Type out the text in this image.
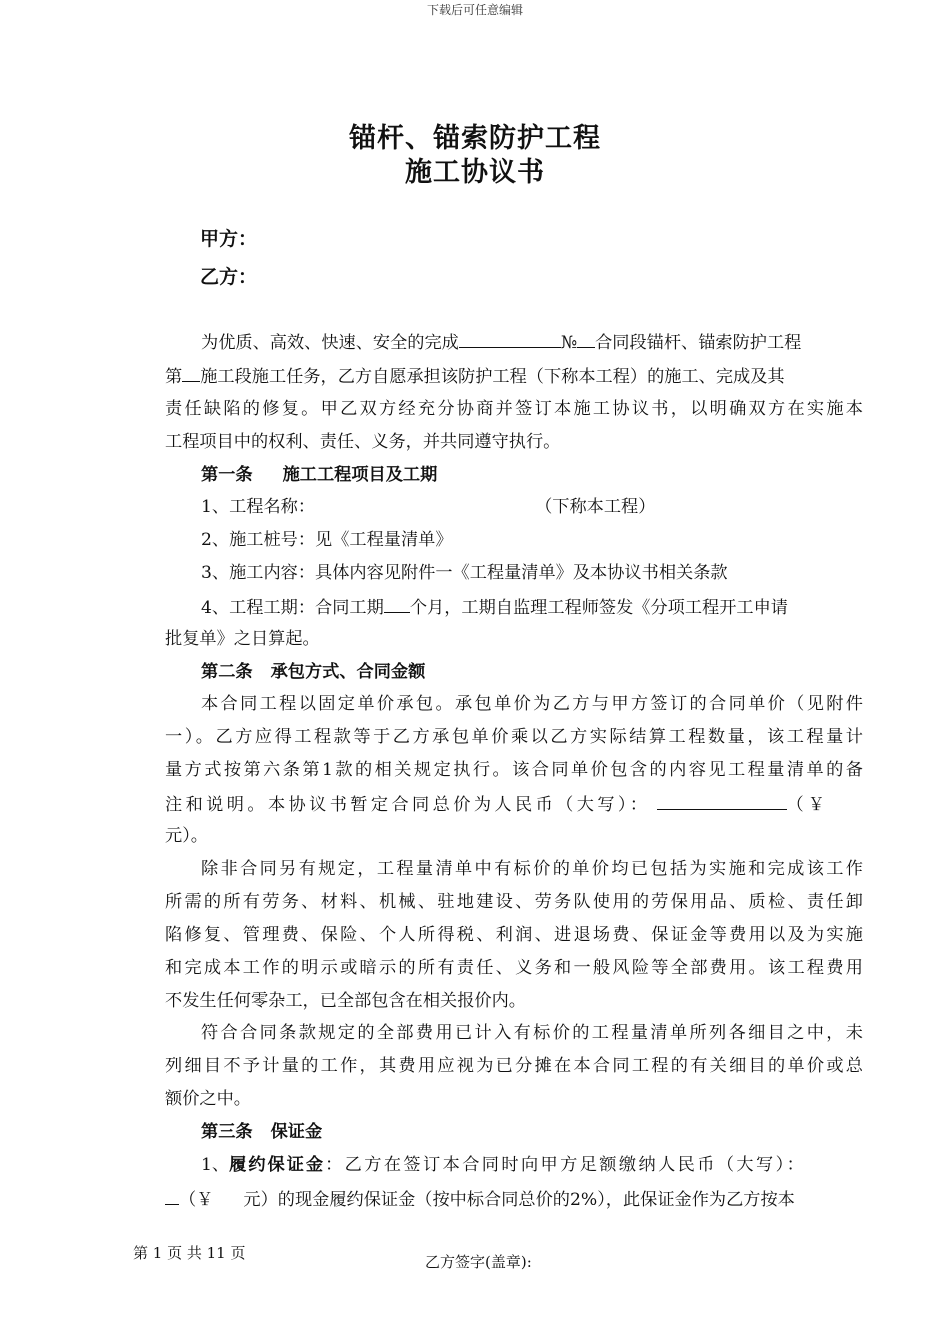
下载后可任意编辑
锚杆、锚索防护工程
施工协议书
甲方：
乙方：
为优质、高效、快速、安全的完成	№ 合同段锚杆、锚索防护工程
第 施工段施工任务，乙方自愿承担该防护工程（下称本工程）的施工、完成及其
责任缺陷的修复。甲乙双方经充分协商并签订本施工协议书，以明确双方在实施本
工程项目中的权利、责任、义务，并共同遵守执行。
第一条 施工工程项目及工期
1、工程名称：	（下称本工程）
2、施工桩号：见《工程量清单》
3、施工内容：具体内容见附件一《工程量清单》及本协议书相关条款
4、工程工期：合同工期 个月，工期自监理工程师签发《分项工程开工申请
批复单》之日算起。
第二条 承包方式、合同金额
本合同工程以固定单价承包。承包单价为乙方与甲方签订的合同单价（见附件
一）。乙方应得工程款等于乙方承包单价乘以乙方实际结算工程数量，该工程量计
量方式按第六条第1款的相关规定执行。该合同单价包含的内容见工程量清单的备
注和说明。本协议书暂定合同总价为人民币（大写）：	（￥
元）。
除非合同另有规定，工程量清单中有标价的单价均已包括为实施和完成该工作
所需的所有劳务、材料、机械、驻地建设、劳务队使用的劳保用品、质检、责任卸
陷修复、管理费、保险、个人所得税、利润、进退场费、保证金等费用以及为实施
和完成本工作的明示或暗示的所有责任、义务和一般风险等全部费用。该工程费用
不发生任何零杂工，已全部包含在相关报价内。
符合合同条款规定的全部费用已计入有标价的工程量清单所列各细目之中，未
列细目不予计量的工作，其费用应视为已分摊在本合同工程的有关细目的单价或总
额价之中。
第三条 保证金
1、履约保证金：乙方在签订本合同时向甲方足额缴纳人民币（大写）：
（￥ 元）的现金履约保证金（按中标合同总价的2%），此保证金作为乙方按本
第 1 页 共 11 页	乙方签字(盖章):
